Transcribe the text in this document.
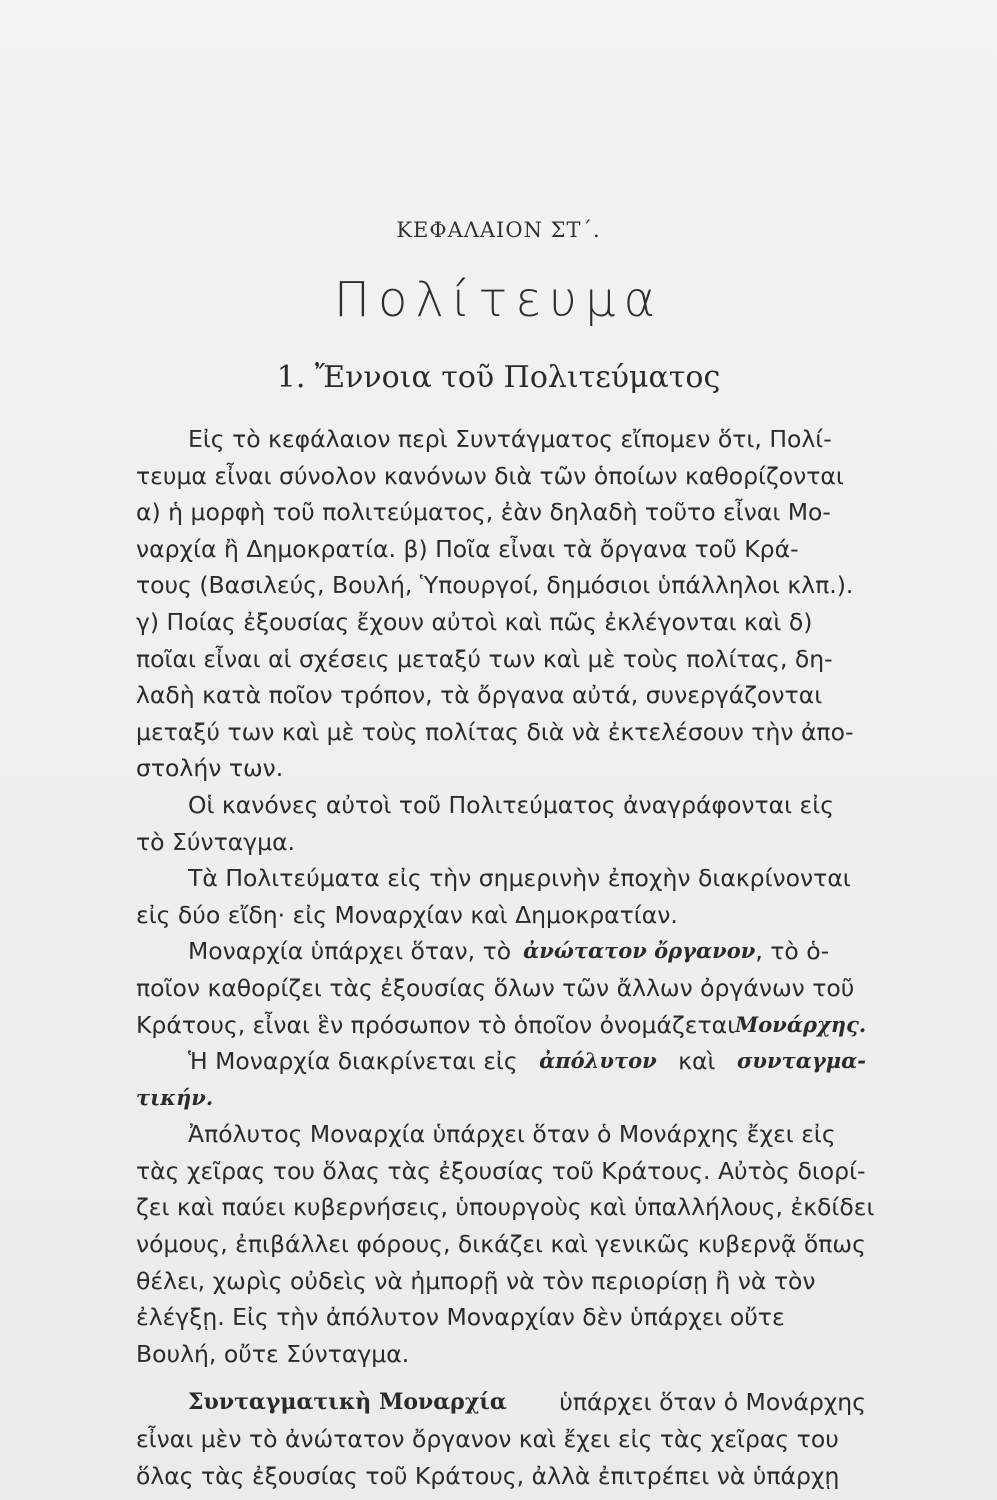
ΚΕΦΑΛΑΙΟΝ ΣΤ΄.
Πολίτευμα
1. Ἔννοια τοῦ Πολιτεύματος
Εἰς τὸ κεφάλαιον περὶ Συντάγματος εἴπομεν ὅτι, Πολί-
τευμα εἶναι σύνολον κανόνων διὰ τῶν ὁποίων καθορίζονται
α) ἡ μορφὴ τοῦ πολιτεύματος, ἐὰν δηλαδὴ τοῦτο εἶναι Μο-
ναρχία ἢ Δημοκρατία. β) Ποῖα εἶναι τὰ ὄργανα τοῦ Κρά-
τους (Βασιλεύς, Βουλή, Ὑπουργοί, δημόσιοι ὑπάλληλοι κλπ.).
γ) Ποίας ἐξουσίας ἔχουν αὐτοὶ καὶ πῶς ἐκλέγονται καὶ δ)
ποῖαι εἶναι αἱ σχέσεις μεταξύ των καὶ μὲ τοὺς πολίτας, δη-
λαδὴ κατὰ ποῖον τρόπον, τὰ ὄργανα αὐτά, συνεργάζονται
μεταξύ των καὶ μὲ τοὺς πολίτας διὰ νὰ ἐκτελέσουν τὴν ἀπο-
στολήν των.
Οἱ κανόνες αὐτοὶ τοῦ Πολιτεύματος ἀναγράφονται εἰς
τὸ Σύνταγμα.
Τὰ Πολιτεύματα εἰς τὴν σημερινὴν ἐποχὴν διακρίνονται
εἰς δύο εἴδη· εἰς Μοναρχίαν καὶ Δημοκρατίαν.
Μοναρχία ὑπάρχει ὅταν, τὸ ἀνώτατον ὄργανον , τὸ ὁ-
ποῖον καθορίζει τὰς ἐξουσίας ὅλων τῶν ἄλλων ὀργάνων τοῦ
Κράτους, εἶναι ἓν πρόσωπον τὸ ὁποῖον ὀνομάζεται Μονάρχης.
Ἡ Μοναρχία διακρίνεται εἰς ἀπόλυτον καὶ συνταγμα-
τικήν.
Ἀπόλυτος Μοναρχία ὑπάρχει ὅταν ὁ Μονάρχης ἔχει εἰς
τὰς χεῖρας του ὅλας τὰς ἐξουσίας τοῦ Κράτους. Αὐτὸς διορί-
ζει καὶ παύει κυβερνήσεις, ὑπουργοὺς καὶ ὑπαλλήλους, ἐκδίδει
νόμους, ἐπιβάλλει φόρους, δικάζει καὶ γενικῶς κυβερνᾷ ὅπως
θέλει, χωρὶς οὐδεὶς νὰ ἠμπορῇ νὰ τὸν περιορίσῃ ἢ νὰ τὸν
ἐλέγξῃ. Εἰς τὴν ἀπόλυτον Μοναρχίαν δὲν ὑπάρχει οὔτε
Βουλή, οὔτε Σύνταγμα.
Συνταγματικὴ Μοναρχία ὑπάρχει ὅταν ὁ Μονάρχης
εἶναι μὲν τὸ ἀνώτατον ὄργανον καὶ ἔχει εἰς τὰς χεῖρας του
ὅλας τὰς ἐξουσίας τοῦ Κράτους, ἀλλὰ ἐπιτρέπει νὰ ὑπάρχῃ
